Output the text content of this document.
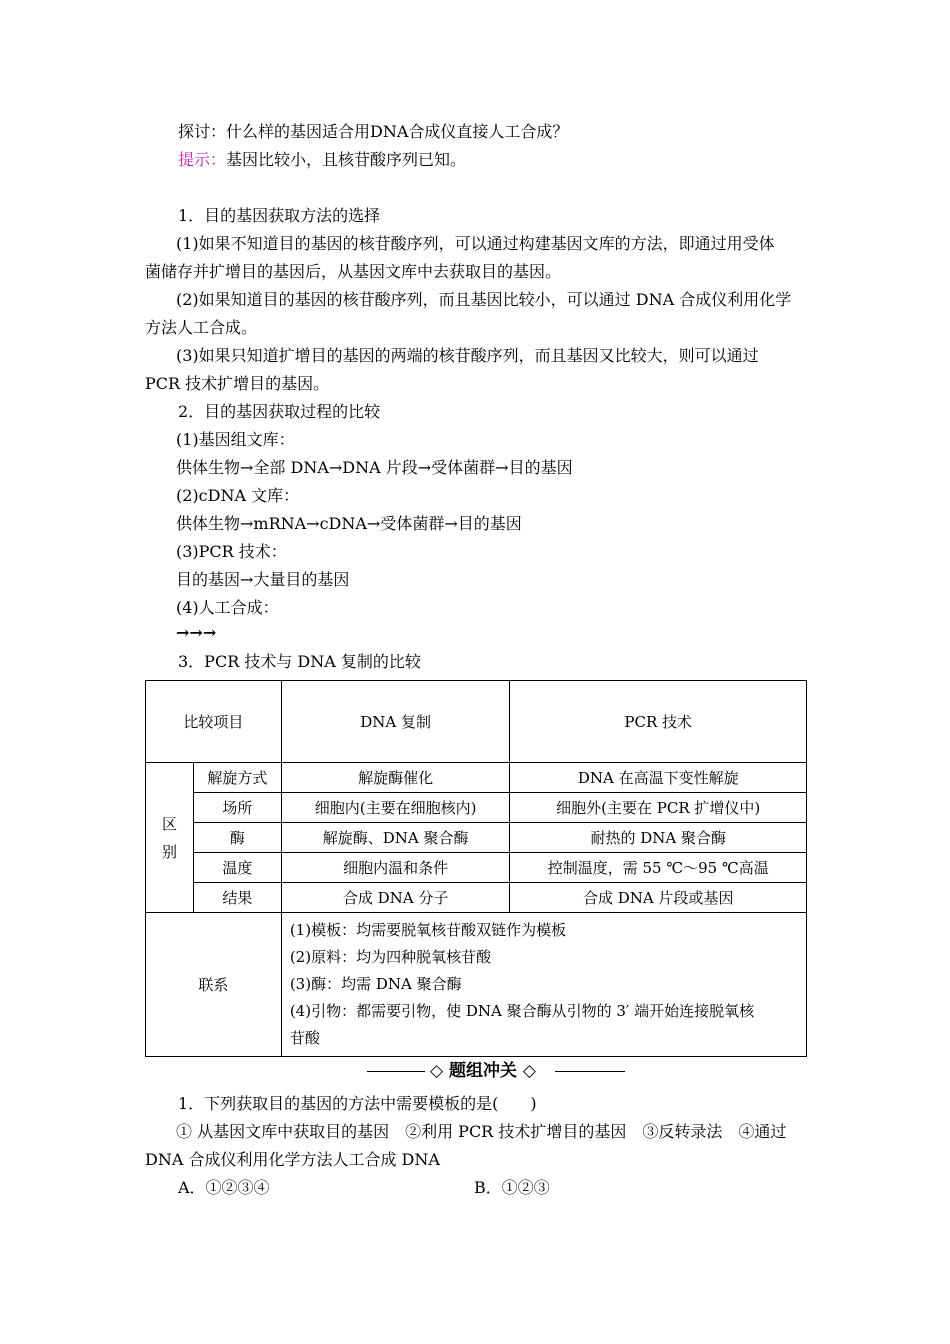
探讨：什么样的基因适合用DNA合成仪直接人工合成？
提示：基因比较小，且核苷酸序列已知。
1．目的基因获取方法的选择
(1)如果不知道目的基因的核苷酸序列，可以通过构建基因文库的方法，即通过用受体
菌储存并扩增目的基因后，从基因文库中去获取目的基因。
(2)如果知道目的基因的核苷酸序列，而且基因比较小，可以通过 DNA 合成仪利用化学
方法人工合成。
(3)如果只知道扩增目的基因的两端的核苷酸序列，而且基因又比较大，则可以通过
PCR 技术扩增目的基因。
2．目的基因获取过程的比较
(1)基因组文库：
供体生物→全部 DNA→DNA 片段→受体菌群→目的基因
(2)cDNA 文库：
供体生物→mRNA→cDNA→受体菌群→目的基因
(3)PCR 技术：
目的基因→大量目的基因
(4)人工合成：
→→→
3．PCR 技术与 DNA 复制的比较
比较项目		DNA 复制	PCR 技术
区
别	解旋方式	解旋酶催化	DNA 在高温下变性解旋
	场所	细胞内(主要在细胞核内)	细胞外(主要在 PCR 扩增仪中)
	酶	解旋酶、DNA 聚合酶	耐热的 DNA 聚合酶
	温度	细胞内温和条件	控制温度，需 55 ℃～95 ℃高温
	结果	合成 DNA 分子	合成 DNA 片段或基因
联系		(1)模板：均需要脱氧核苷酸双链作为模板
(2)原料：均为四种脱氧核苷酸
(3)酶：均需 DNA 聚合酶
(4)引物：都需要引物，使 DNA 聚合酶从引物的 3′ 端开始连接脱氧核
苷酸	
◇ 题组冲关 ◇
1．下列获取目的基因的方法中需要模板的是(　　)
① 从基因文库中获取目的基因　②利用 PCR 技术扩增目的基因　③反转录法　④通过
DNA 合成仪利用化学方法人工合成 DNA
A．①②③④	B．①②③
